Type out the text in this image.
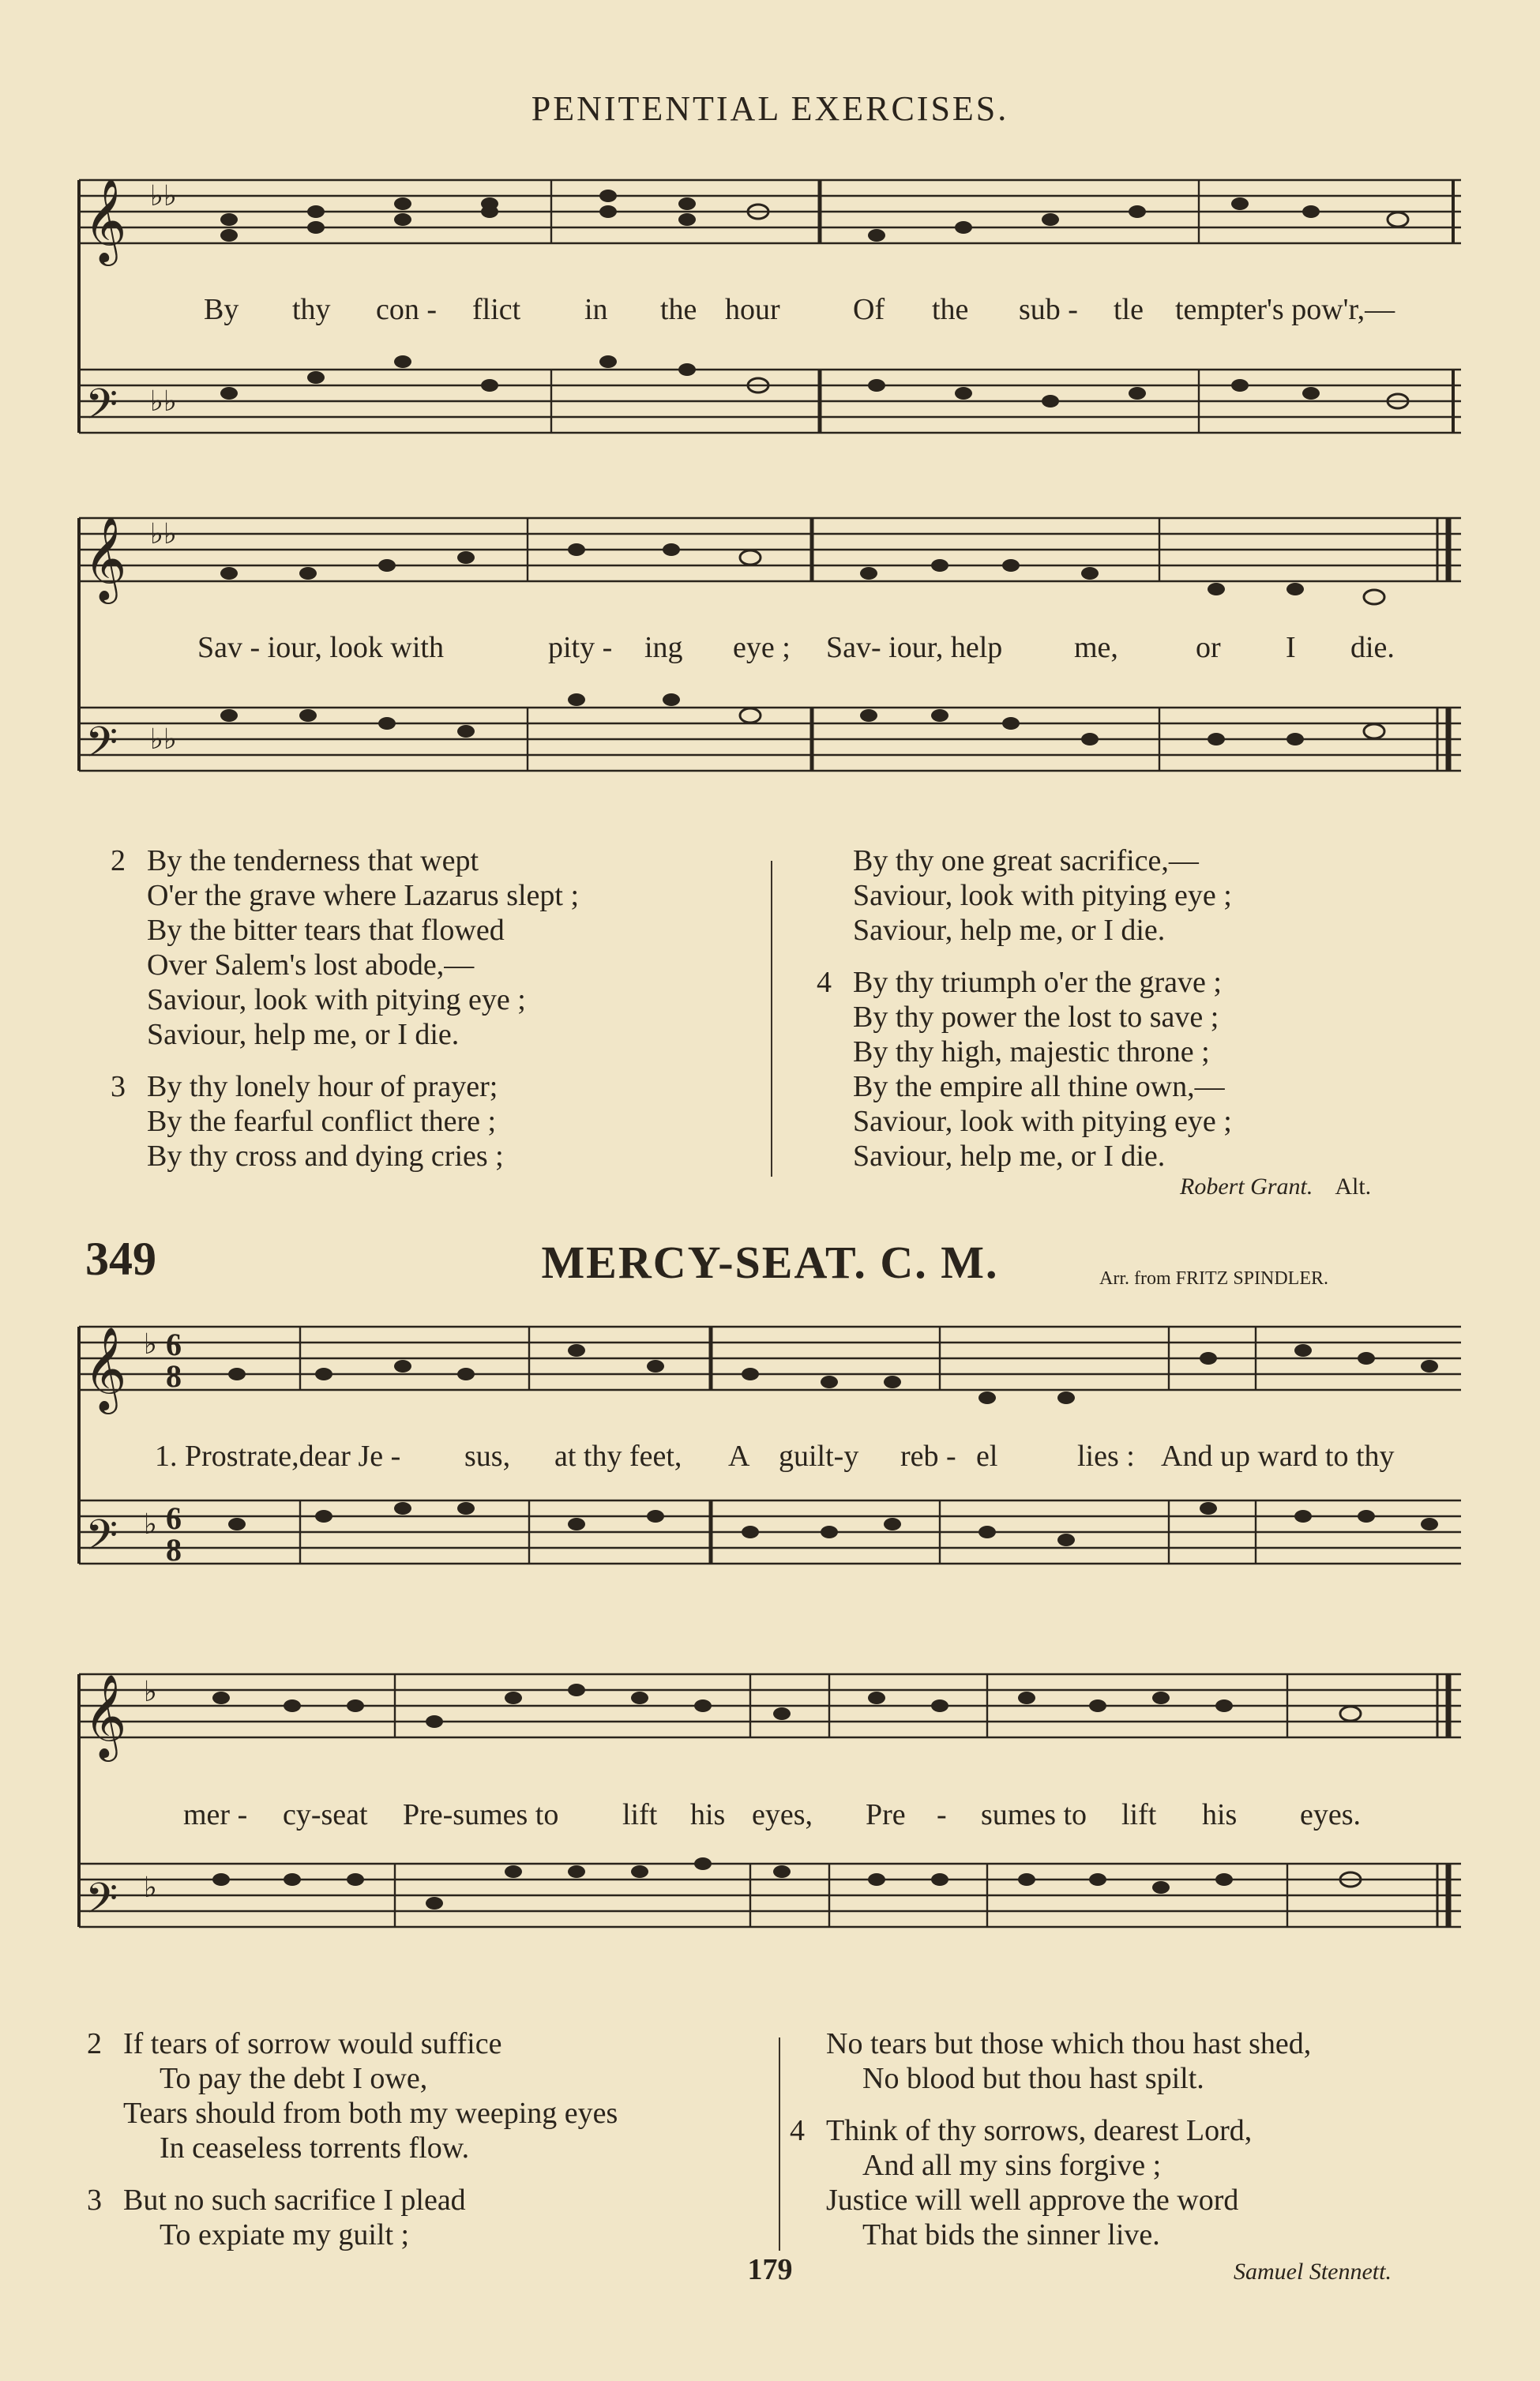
PENITENTIAL EXERCISES.
𝄞
𝄢
♭♭
♭♭
By thy con - flict in the hour Of the sub - tle tempter's pow'r,—
𝄞
𝄢
♭♭
♭♭
Sav - iour, look with	pity - ing eye ; Sav- iour, help me,	or I die.

2 By the tenderness that wept

O'er the grave where Lazarus slept ;

By the bitter tears that flowed

Over Salem's lost abode,—

Saviour, look with pitying eye ;

Saviour, help me, or I die.

3 By thy lonely hour of prayer;

By the fearful conflict there ;

By thy cross and dying cries ;

By thy one great sacrifice,—

Saviour, look with pitying eye ;

Saviour, help me, or I die.

4 By thy triumph o'er the grave ;

By thy power the lost to save ;

By thy high, majestic throne ;

By the empire all thine own,—

Saviour, look with pitying eye ;

Saviour, help me, or I die.

Robert Grant. Alt.
349	MERCY-SEAT. C. M.	Arr. from FRITZ SPINDLER.
𝄞
𝄢
♭
♭
6
8
6
8
1. Prostrate,dear Je - sus, at thy feet, A guilt-y reb - el	lies : And up ward to thy
𝄞
𝄢
♭
♭
mer - cy-seat Pre-sumes to lift his eyes, Pre - sumes to lift his eyes.

2 If tears of sorrow would suffice

To pay the debt I owe,

Tears should from both my weeping eyes

In ceaseless torrents flow.

3 But no such sacrifice I plead

To expiate my guilt ;

No tears but those which thou hast shed,

No blood but thou hast spilt.

4 Think of thy sorrows, dearest Lord,

And all my sins forgive ;

Justice will well approve the word

That bids the sinner live.

Samuel Stennett.
179
